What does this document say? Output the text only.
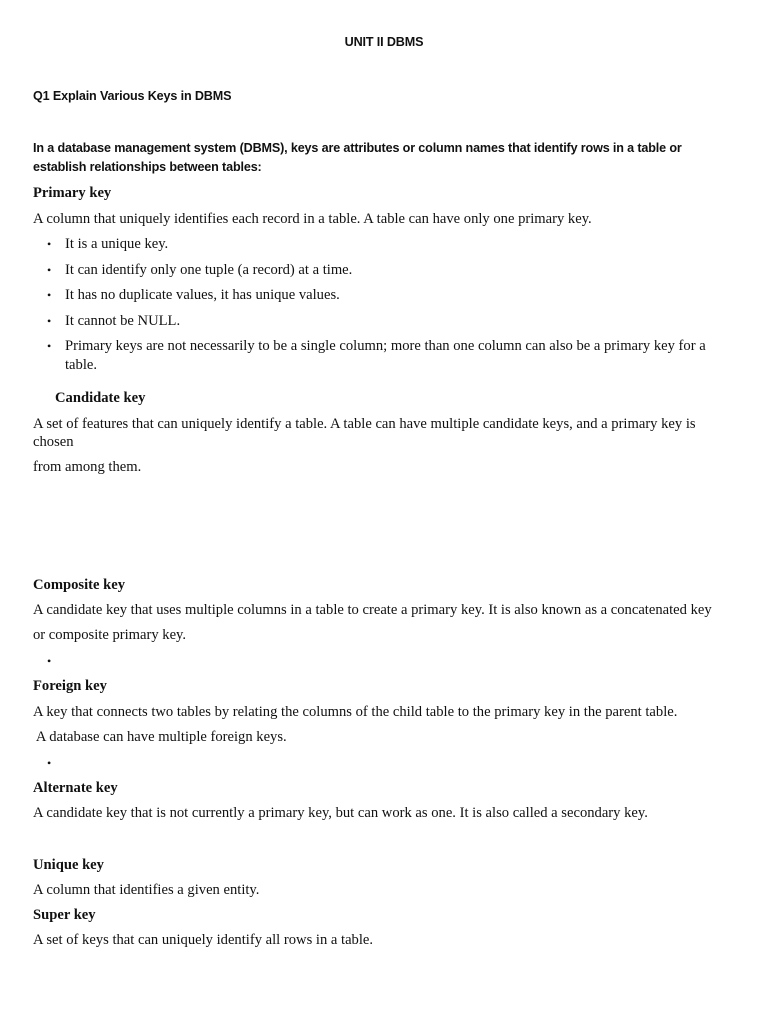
UNIT II DBMS
Q1 Explain Various Keys in DBMS
In a database management system (DBMS), keys are attributes or column names that identify rows in a table or
establish relationships between tables:
Primary key
A column that uniquely identifies each record in a table. A table can have only one primary key.
• It is a unique key.
• It can identify only one tuple (a record) at a time.
• It has no duplicate values, it has unique values.
• It cannot be NULL.
• Primary keys are not necessarily to be a single column; more than one column can also be a primary key for a
table.
Candidate key
A set of features that can uniquely identify a table. A table can have multiple candidate keys, and a primary key is
chosen
from among them.
Composite key
A candidate key that uses multiple columns in a table to create a primary key. It is also known as a concatenated key
or composite primary key.
•
Foreign key
A key that connects two tables by relating the columns of the child table to the primary key in the parent table.
A database can have multiple foreign keys.
•
Alternate key
A candidate key that is not currently a primary key, but can work as one. It is also called a secondary key.
Unique key
A column that identifies a given entity.
Super key
A set of keys that can uniquely identify all rows in a table.
